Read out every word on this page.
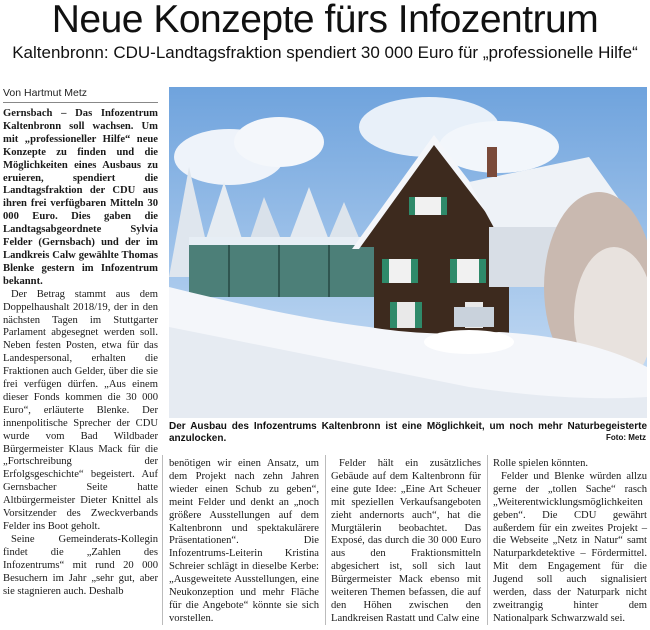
Neue Konzepte fürs Infozentrum

Kaltenbronn: CDU-Landtagsfraktion spendiert 30 000 Euro für „professionelle Hilfe“

Von Hartmut Metz

Gernsbach – Das Infozentrum Kaltenbronn soll wachsen. Um mit „professioneller Hilfe“ neue Konzepte zu finden und die Möglichkeiten eines Ausbaus zu eruieren, spendiert die Landtagsfraktion der CDU aus ihren frei verfügbaren Mitteln 30 000 Euro. Dies gaben die Landtagsabgeordnete Sylvia Felder (Gernsbach) und der im Landkreis Calw gewählte Thomas Blenke gestern im Infozentrum bekannt.

Der Betrag stammt aus dem Doppelhaushalt 2018/19, der in den nächsten Tagen im Stuttgarter Parlament abgesegnet werden soll. Neben festen Posten, etwa für das Landespersonal, erhalten die Fraktionen auch Gelder, über die sie frei verfügen dürfen. „Aus einem dieser Fonds kommen die 30 000 Euro“, erläuterte Blenke. Der innenpolitische Sprecher der CDU wurde vom Bad Wildbader Bürgermeister Klaus Mack für die „Fortschreibung der Erfolgsgeschichte“ begeistert. Auf Gernsbacher Seite hatte Altbürgermeister Dieter Knittel als Vorsitzender des Zweckverbands Felder ins Boot geholt.

Seine Gemeinderats-Kollegin findet die „Zahlen des Infozentrums“ mit rund 20 000 Besuchern im Jahr „sehr gut, aber sie stagnieren auch. Deshalb

Der Ausbau des Infozentrums Kaltenbronn ist eine Möglichkeit, um noch mehr Naturbegeisterte anzulocken.	Foto: Metz

benötigen wir einen Ansatz, um dem Projekt nach zehn Jahren wieder einen Schub zu geben“, meint Felder und denkt an „noch größere Ausstellungen auf dem Kaltenbronn und spektakulärere Präsentationen“. Die Infozentrums-Leiterin Kristina Schreier schlägt in dieselbe Kerbe: „Ausgeweitete Ausstellungen, eine Neukonzeption und mehr Fläche für die Angebote“ könnte sie sich vorstellen.

Felder hält ein zusätzliches Gebäude auf dem Kaltenbronn für eine gute Idee: „Eine Art Scheuer mit speziellen Verkaufsangeboten zieht andernorts auch“, hat die Murgtälerin beobachtet. Das Exposé, das durch die 30 000 Euro aus den Fraktionsmitteln abgesichert ist, soll sich laut Bürgermeister Mack ebenso mit weiteren Themen befassen, die auf den Höhen zwischen den Landkreisen Rastatt und Calw eine

Rolle spielen könnten.

Felder und Blenke würden allzu gerne der „tollen Sache“ rasch „Weiterentwicklungsmöglichkeiten geben“. Die CDU gewährt außerdem für ein zweites Projekt – die Webseite „Netz in Natur“ samt Naturparkdetektive – Fördermittel. Mit dem Engagement für die Jugend soll auch signalisiert werden, dass der Naturpark nicht zweitrangig hinter dem Nationalpark Schwarzwald sei.
